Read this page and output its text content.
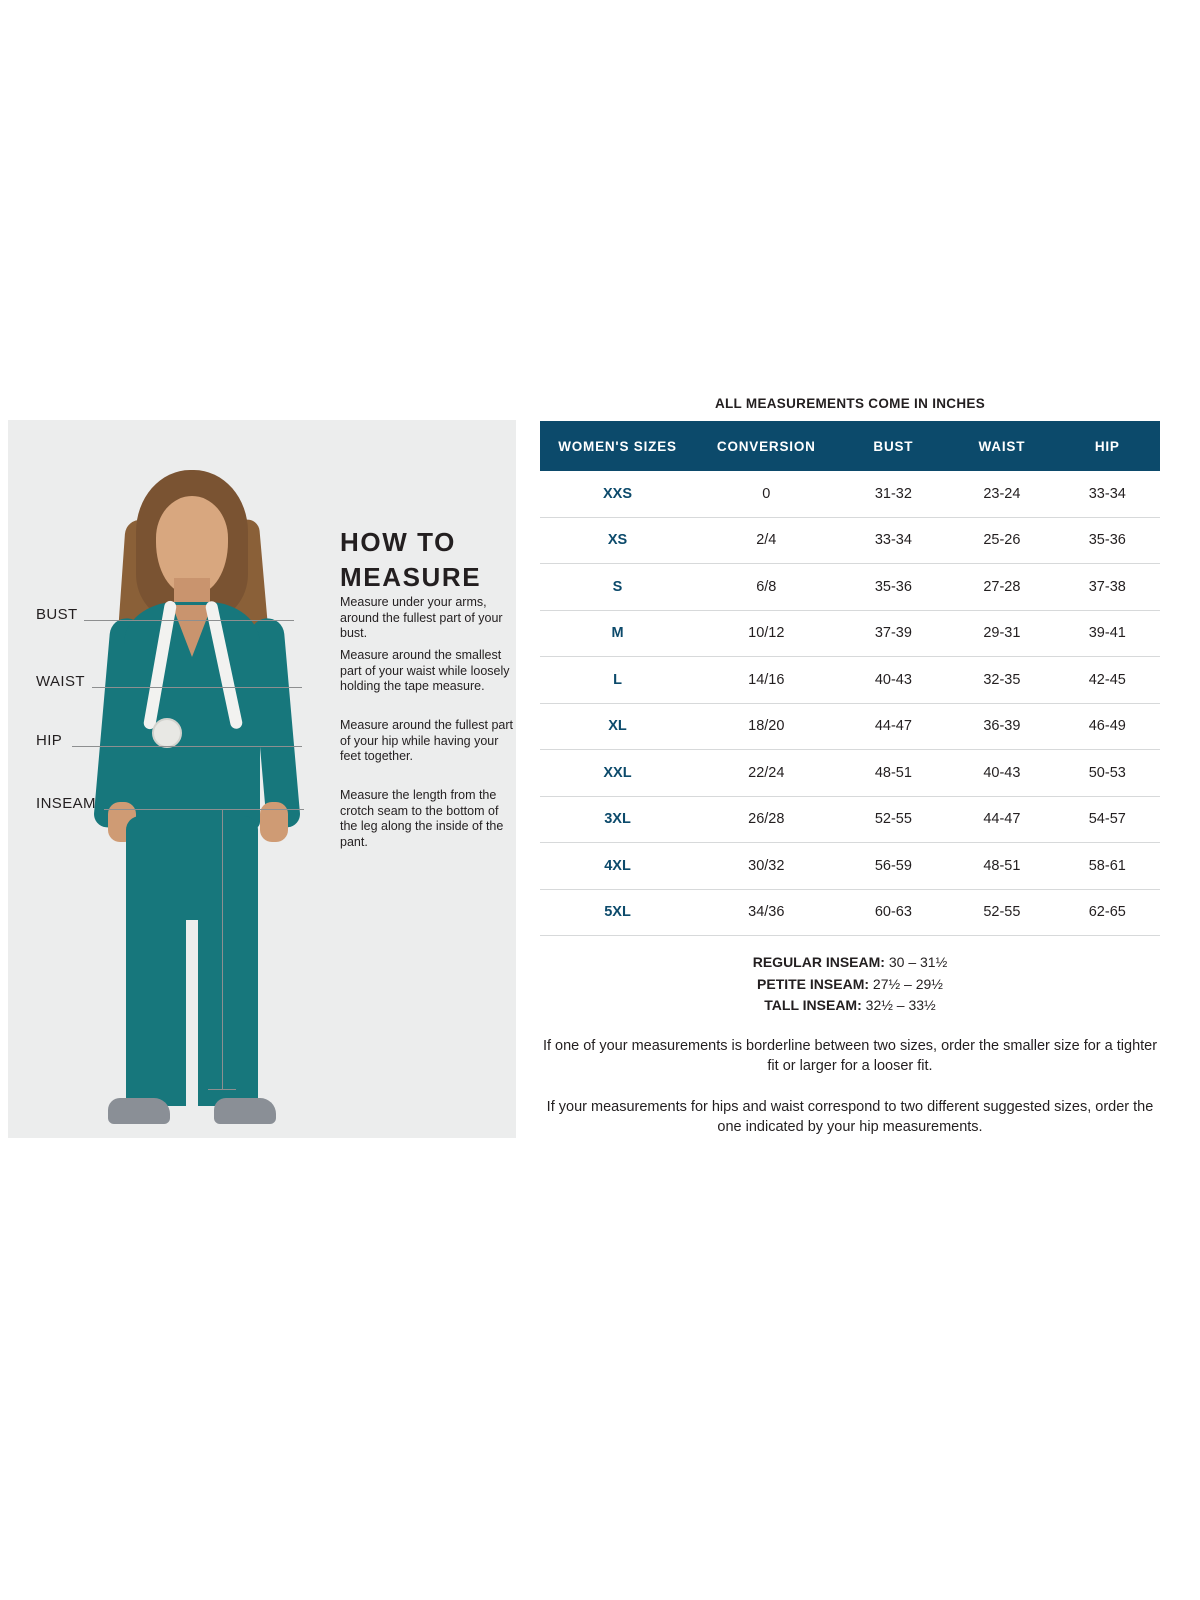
BUST
WAIST
HIP
INSEAM
HOW TO
MEASURE
Measure under your arms, around the fullest part of your bust.
Measure around the smallest part of your waist while loosely holding the tape measure.
Measure around the fullest part of your hip while having your feet together.
Measure the length from the crotch seam to the bottom of the leg along the inside of the pant.
ALL MEASUREMENTS COME IN INCHES
WOMEN'S SIZES	CONVERSION	BUST	WAIST	HIP
XXS	0	31-32	23-24	33-34
XS	2/4	33-34	25-26	35-36
S	6/8	35-36	27-28	37-38
M	10/12	37-39	29-31	39-41
L	14/16	40-43	32-35	42-45
XL	18/20	44-47	36-39	46-49
XXL	22/24	48-51	40-43	50-53
3XL	26/28	52-55	44-47	54-57
4XL	30/32	56-59	48-51	58-61
5XL	34/36	60-63	52-55	62-65
REGULAR INSEAM: 30 – 31½
PETITE INSEAM: 27½ – 29½
TALL INSEAM: 32½ – 33½
If one of your measurements is borderline between two sizes, order the smaller size for a tighter fit or larger for a looser fit.
If your measurements for hips and waist correspond to two different suggested sizes, order the one indicated by your hip measurements.
